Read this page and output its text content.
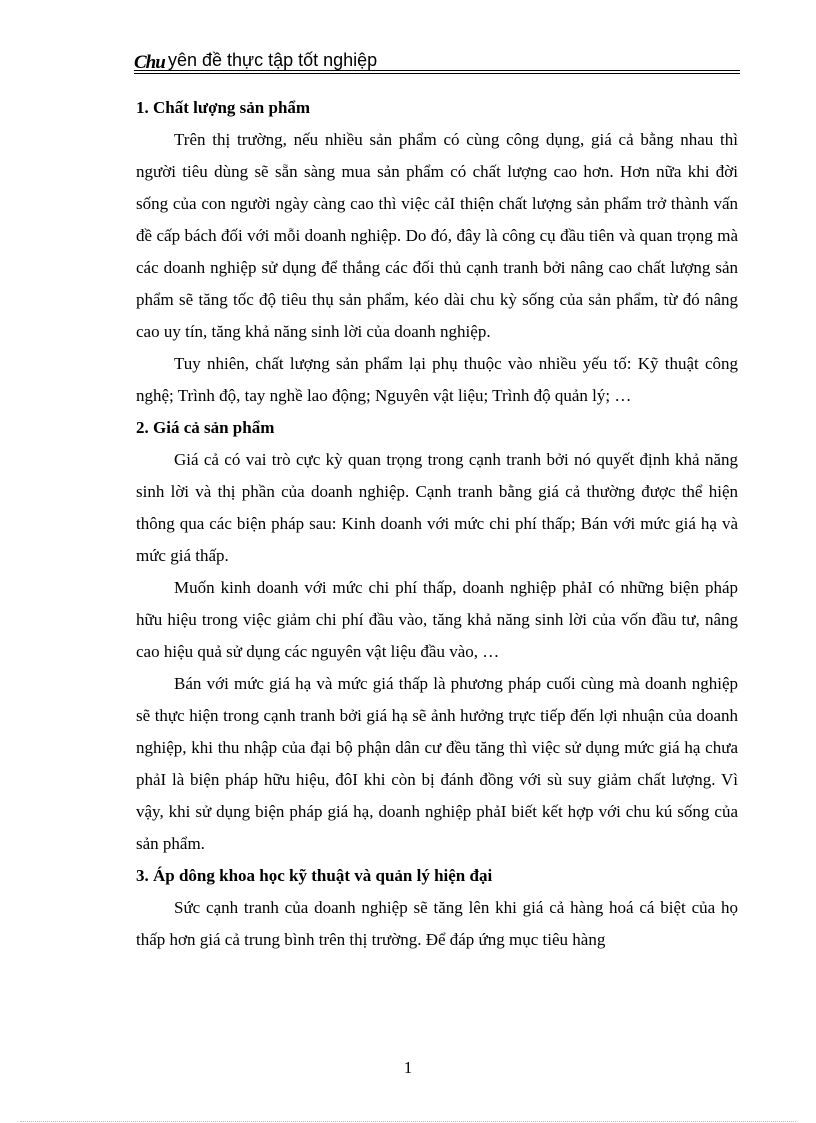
Chu yên đề thực tập tốt nghiệp
1. Chất lượng sản phẩm

Trên thị trường, nếu nhiều sản phẩm có cùng công dụng, giá cả bằng nhau thì người tiêu dùng sẽ sẵn sàng mua sản phẩm có chất lượng cao hơn. Hơn nữa khi đời sống của con người ngày càng cao thì việc cảI thiện chất lượng sản phẩm trở thành vấn đề cấp bách đối với mỗi doanh nghiệp. Do đó, đây là công cụ đầu tiên và quan trọng mà các doanh nghiệp sử dụng để thắng các đối thủ cạnh tranh bởi nâng cao chất lượng sản phẩm sẽ tăng tốc độ tiêu thụ sản phẩm, kéo dài chu kỳ sống của sản phẩm, từ đó nâng cao uy tín, tăng khả năng sinh lời của doanh nghiệp.

Tuy nhiên, chất lượng sản phẩm lại phụ thuộc vào nhiều yếu tố: Kỹ thuật công nghệ; Trình độ, tay nghề lao động; Nguyên vật liệu; Trình độ quản lý; …

2. Giá cả sản phẩm

Giá cả có vai trò cực kỳ quan trọng trong cạnh tranh bởi nó quyết định khả năng sinh lời và thị phần của doanh nghiệp. Cạnh tranh bằng giá cả thường được thể hiện thông qua các biện pháp sau: Kinh doanh với mức chi phí thấp; Bán với mức giá hạ và mức giá thấp.

Muốn kinh doanh với mức chi phí thấp, doanh nghiệp phảI có những biện pháp hữu hiệu trong việc giảm chi phí đầu vào, tăng khả năng sinh lời của vốn đầu tư, nâng cao hiệu quả sử dụng các nguyên vật liệu đầu vào, …

Bán với mức giá hạ và mức giá thấp là phương pháp cuối cùng mà doanh nghiệp sẽ thực hiện trong cạnh tranh bởi giá hạ sẽ ảnh hưởng trực tiếp đến lợi nhuận của doanh nghiệp, khi thu nhập của đại bộ phận dân cư đều tăng thì việc sử dụng mức giá hạ chưa phảI là biện pháp hữu hiệu, đôI khi còn bị đánh đồng với sù suy giảm chất lượng. Vì vậy, khi sử dụng biện pháp giá hạ, doanh nghiệp phảI biết kết hợp với chu kú sống của sản phẩm.

3. Áp dông khoa học kỹ thuật và quản lý hiện đại

Sức cạnh tranh của doanh nghiệp sẽ tăng lên khi giá cả hàng hoá cá biệt của họ thấp hơn giá cả trung bình trên thị trường. Để đáp ứng mục tiêu hàng

1
